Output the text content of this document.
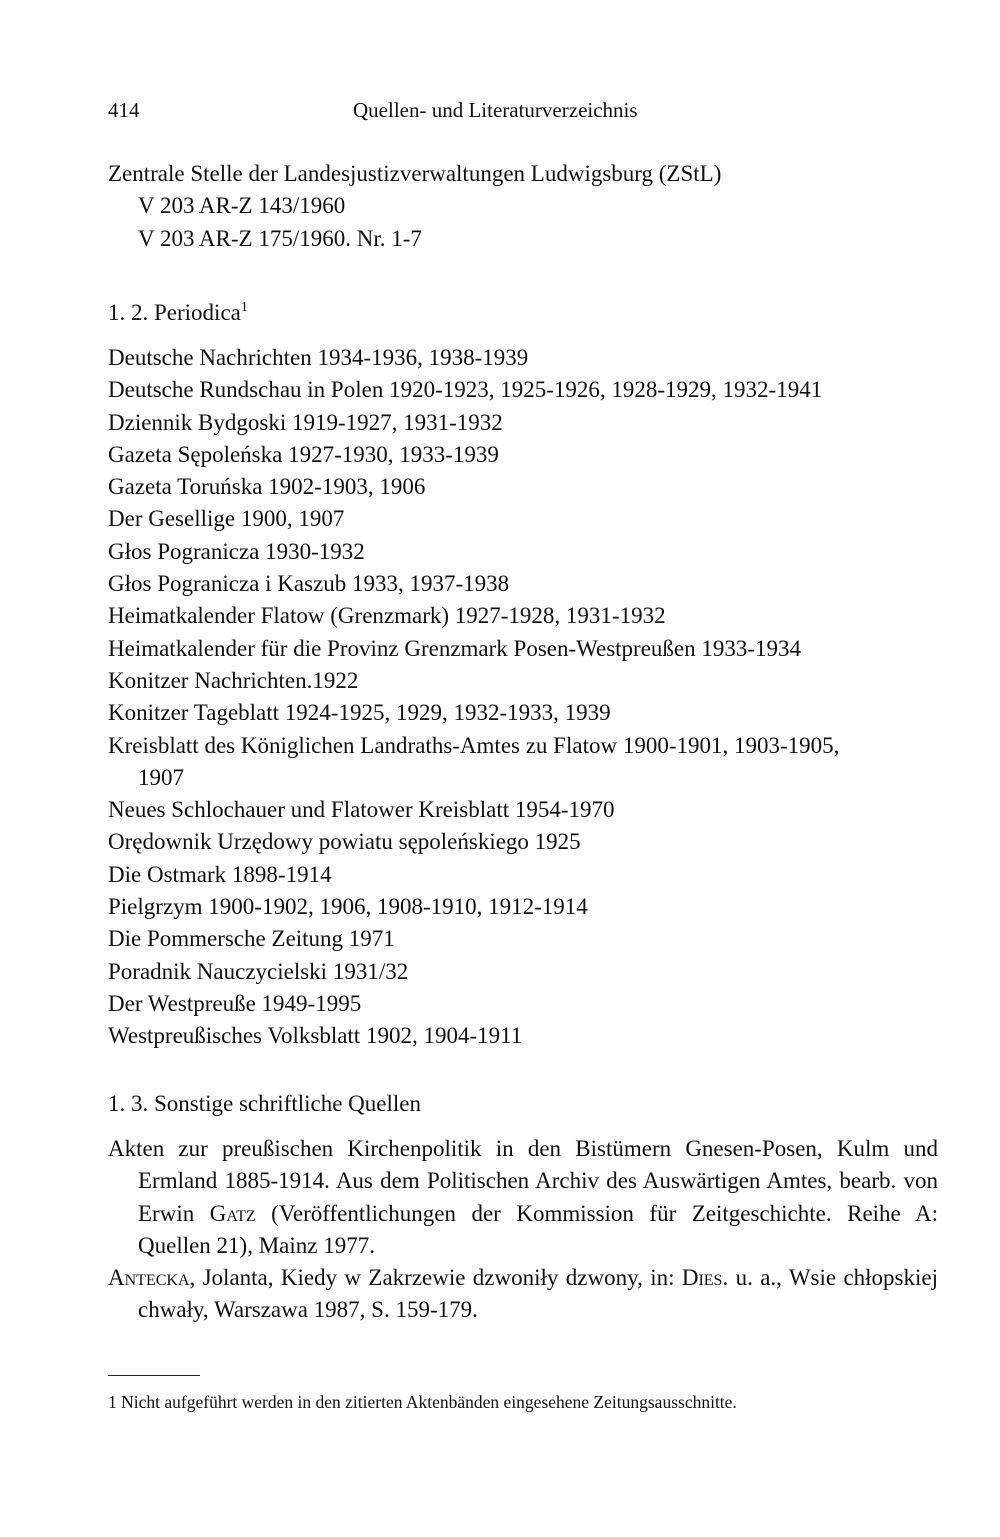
414	Quellen- und Literaturverzeichnis
Zentrale Stelle der Landesjustizverwaltungen Ludwigsburg (ZStL)
V 203 AR-Z 143/1960
V 203 AR-Z 175/1960. Nr. 1-7
1. 2. Periodica$^1$
Deutsche Nachrichten 1934-1936, 1938-1939
Deutsche Rundschau in Polen 1920-1923, 1925-1926, 1928-1929, 1932-1941
Dziennik Bydgoski 1919-1927, 1931-1932
Gazeta Sępoleńska 1927-1930, 1933-1939
Gazeta Toruńska 1902-1903, 1906
Der Gesellige 1900, 1907
Głos Pogranicza 1930-1932
Głos Pogranicza i Kaszub 1933, 1937-1938
Heimatkalender Flatow (Grenzmark) 1927-1928, 1931-1932
Heimatkalender für die Provinz Grenzmark Posen-Westpreußen 1933-1934
Konitzer Nachrichten.1922
Konitzer Tageblatt 1924-1925, 1929, 1932-1933, 1939
Kreisblatt des Königlichen Landraths-Amtes zu Flatow 1900-1901, 1903-1905,
1907
Neues Schlochauer und Flatower Kreisblatt 1954-1970
Orędownik Urzędowy powiatu sępoleńskiego 1925
Die Ostmark 1898-1914
Pielgrzym 1900-1902, 1906, 1908-1910, 1912-1914
Die Pommersche Zeitung 1971
Poradnik Nauczycielski 1931/32
Der Westpreuße 1949-1995
Westpreußisches Volksblatt 1902, 1904-1911
1. 3. Sonstige schriftliche Quellen
Akten zur preußischen Kirchenpolitik in den Bistümern Gnesen-Posen, Kulm und Ermland 1885-1914. Aus dem Politischen Archiv des Auswärtigen Amtes, bearb. von Erwin Gatz (Veröffentlichungen der Kommission für Zeitgeschichte. Reihe A: Quellen 21), Mainz 1977.
Antecka, Jolanta, Kiedy w Zakrzewie dzwoniły dzwony, in: Dies. u. a., Wsie chłopskiej chwały, Warszawa 1987, S. 159-179.
1 Nicht aufgeführt werden in den zitierten Aktenbänden eingesehene Zeitungsausschnitte.
